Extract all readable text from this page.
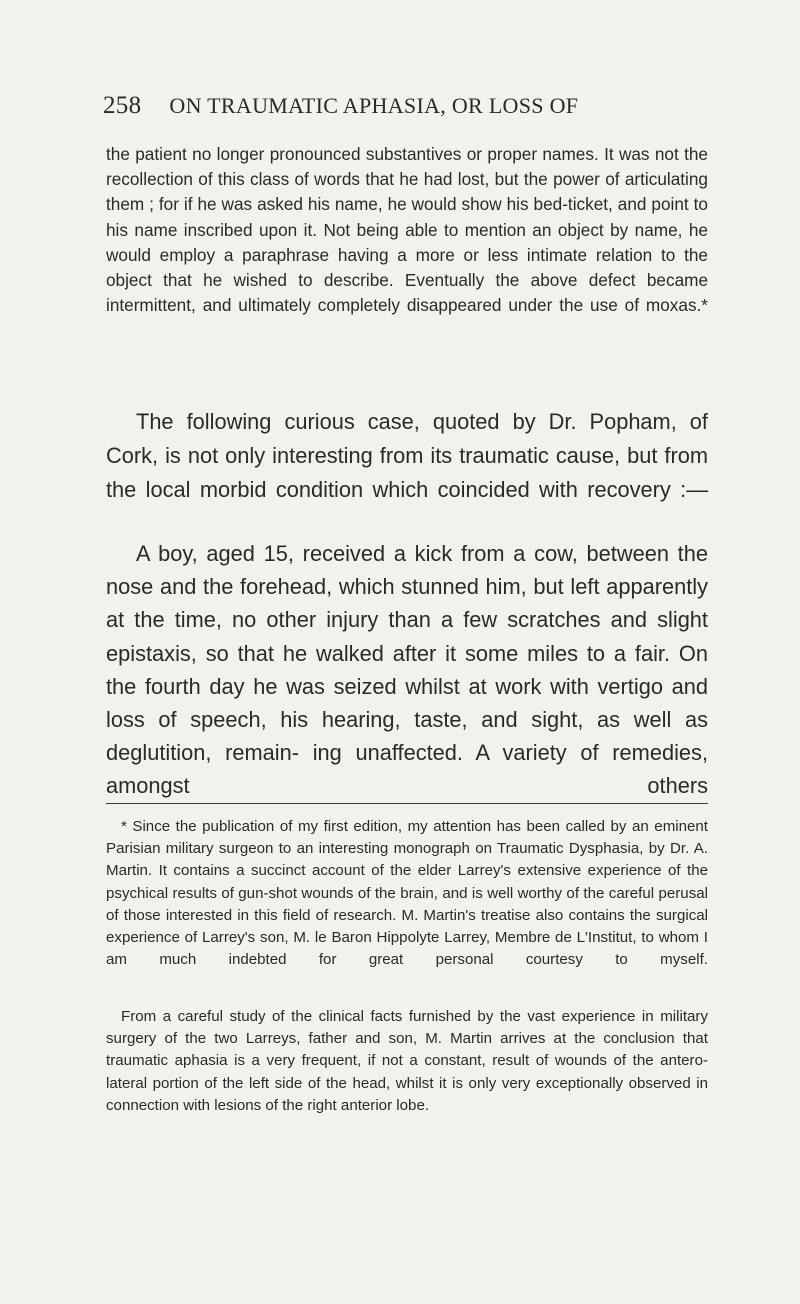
258 ON TRAUMATIC APHASIA, OR LOSS OF

the patient no longer pronounced substantives or proper names. It was not the recollection of this class of words that he had lost, but the power of articulating them ; for if he was asked his name, he would show his bed-ticket, and point to his name inscribed upon it. Not being able to mention an object by name, he would employ a paraphrase having a more or less intimate relation to the object that he wished to describe. Eventually the above defect became intermittent, and ultimately completely disappeared under the use of moxas.*

The following curious case, quoted by Dr. Popham, of Cork, is not only interesting from its traumatic cause, but from the local morbid condition which coincided with recovery :—

A boy, aged 15, received a kick from a cow, between the nose and the forehead, which stunned him, but left apparently at the time, no other injury than a few scratches and slight epistaxis, so that he walked after it some miles to a fair. On the fourth day he was seized whilst at work with vertigo and loss of speech, his hearing, taste, and sight, as well as deglutition, remain- ing unaffected. A variety of remedies, amongst others

* Since the publication of my first edition, my attention has been called by an eminent Parisian military surgeon to an interesting monograph on Traumatic Dysphasia, by Dr. A. Martin. It contains a succinct account of the elder Larrey's extensive experience of the psychical results of gun-shot wounds of the brain, and is well worthy of the careful perusal of those interested in this field of research. M. Martin's treatise also contains the surgical experience of Larrey's son, M. le Baron Hippolyte Larrey, Membre de L'Institut, to whom I am much indebted for great personal courtesy to myself.

From a careful study of the clinical facts furnished by the vast experience in military surgery of the two Larreys, father and son, M. Martin arrives at the conclusion that traumatic aphasia is a very frequent, if not a constant, result of wounds of the antero-lateral portion of the left side of the head, whilst it is only very exceptionally observed in connection with lesions of the right anterior lobe.
